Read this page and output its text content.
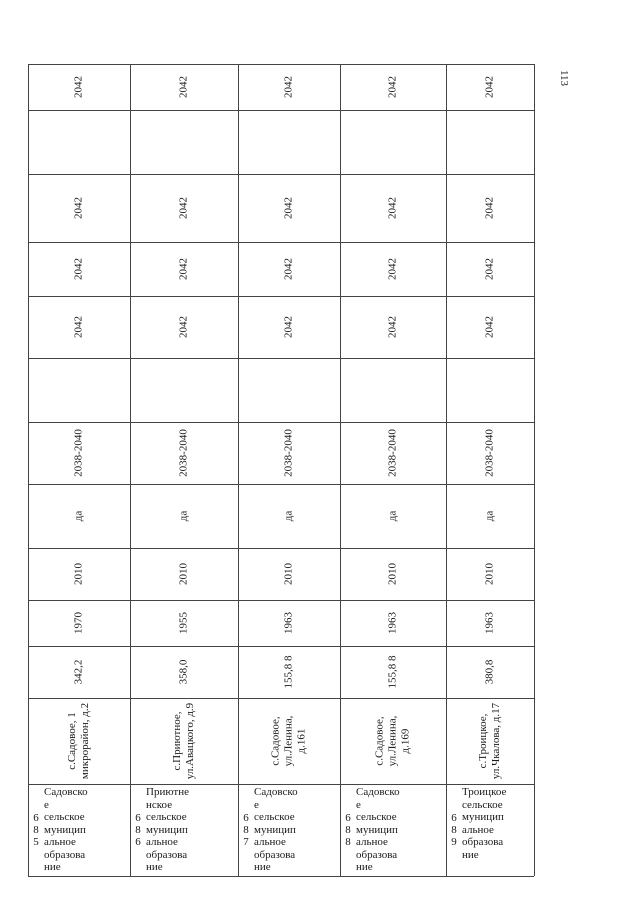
113
2042
2042
2042
2042
2038-2040
да
2010
1970
342,2
с.Садовое, 1 микрорайон, д.2
6
8
5
Садовско
е
сельское
муницип
альное
образова
ние
2042
2042
2042
2042
2038-2040
да
2010
1955
358,0
с.Приютное, ул.Авацкого, д.9
6
8
6
Приютне
нское
сельское
муницип
альное
образова
ние
2042
2042
2042
2042
2038-2040
да
2010
1963
155,8 8
с.Садовое, ул.Ленина, д.161
6
8
7
Садовско
е
сельское
муницип
альное
образова
ние
2042
2042
2042
2042
2038-2040
да
2010
1963
155,8 8
с.Садовое, ул.Ленина, д.169
6
8
8
Садовско
е
сельское
муницип
альное
образова
ние
2042
2042
2042
2042
2038-2040
да
2010
1963
380,8
с.Троицкое, ул.Чкалова, д.17
6
8
9
Троицкое
сельское
муницип
альное
образова
ние
